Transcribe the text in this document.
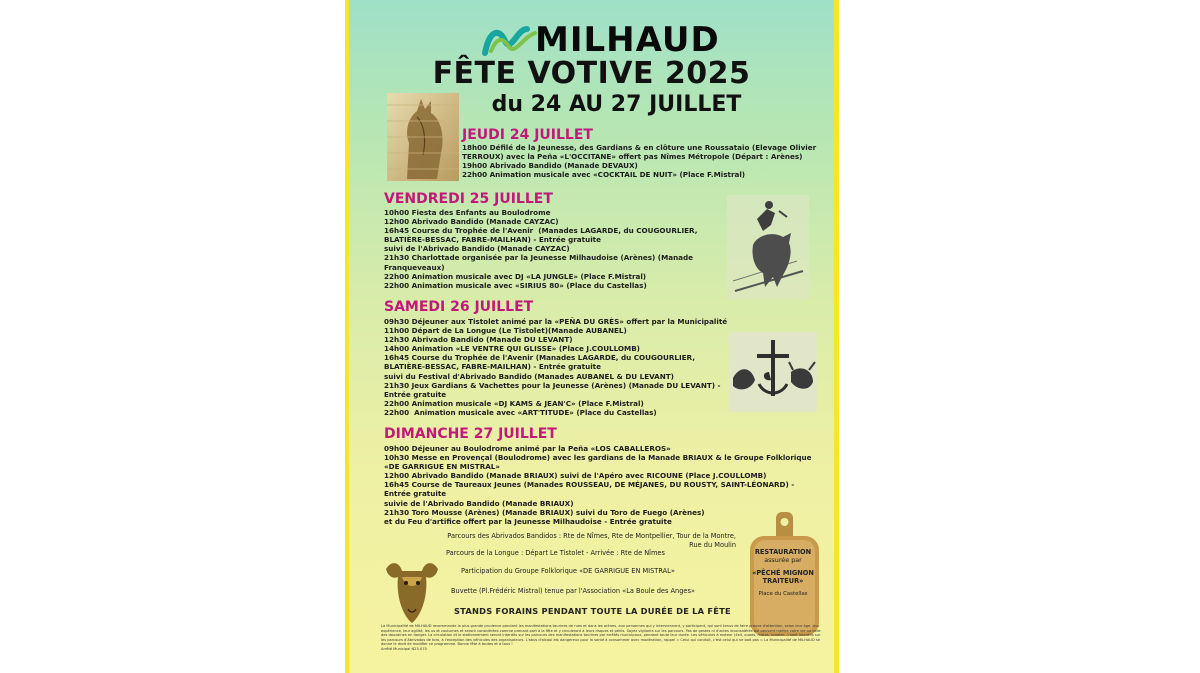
MILHAUD
FÊTE VOTIVE 2025
du 24 AU 27 JUILLET
JEUDI 24 JUILLET
18h00 Défilé de la Jeunesse, des Gardians & en clôture une Roussataio (Elevage Olivier
TERROUX) avec la Peña «L'OCCITANE» offert pas Nîmes Métropole (Départ : Arènes)
19h00 Abrivado Bandido (Manade DEVAUX)
22h00 Animation musicale avec «COCKTAIL DE NUIT» (Place F.Mistral)
VENDREDI 25 JUILLET
10h00 Fiesta des Enfants au Boulodrome
12h00 Abrivado Bandido (Manade CAYZAC)
16h45 Course du Trophée de l'Avenir  (Manades LAGARDE, du COUGOURLIER,
BLATIÈRE-BESSAC, FABRE-MAILHAN) - Entrée gratuite
suivi de l'Abrivado Bandido (Manade CAYZAC)
21h30 Charlottade organisée par la Jeunesse Milhaudoise (Arènes) (Manade
Franqueveaux)
22h00 Animation musicale avec DJ «LA JUNGLE» (Place F.Mistral)
22h00 Animation musicale avec «SIRIUS 80» (Place du Castellas)
SAMEDI 26 JUILLET
09h30 Déjeuner aux Tistolet animé par la «PEÑA DU GRÈS» offert par la Municipalité
11h00 Départ de La Longue (Le Tistolet)(Manade AUBANEL)
12h30 Abrivado Bandido (Manade DU LEVANT)
14h00 Animation «LE VENTRE QUI GLISSE» (Place J.COULLOMB)
16h45 Course du Trophée de l'Avenir (Manades LAGARDE, du COUGOURLIER,
BLATIÈRE-BESSAC, FABRE-MAILHAN) - Entrée gratuite
suivi du Festival d'Abrivado Bandido (Manades AUBANEL & DU LEVANT)
21h30 Jeux Gardians & Vachettes pour la Jeunesse (Arènes) (Manade DU LEVANT) -
Entrée gratuite
22h00 Animation musicale «DJ KAMS & JEAN'C» (Place F.Mistral)
22h00  Animation musicale avec «ART'TITUDE» (Place du Castellas)
DIMANCHE 27 JUILLET
09h00 Déjeuner au Boulodrome animé par la Peña «LOS CABALLEROS»
10h30 Messe en Provençal (Boulodrome) avec les gardians de la Manade BRIAUX & le Groupe Folklorique
«DE GARRIGUE EN MISTRAL»
12h00 Abrivado Bandido (Manade BRIAUX) suivi de l'Apéro avec RICOUNE (Place J.COULLOMB)
16h45 Course de Taureaux Jeunes (Manades ROUSSEAU, DE MÉJANES, DU ROUSTY, SAINT-LÉONARD) -
Entrée gratuite
suivie de l'Abrivado Bandido (Manade BRIAUX)
21h30 Toro Mousse (Arènes) (Manade BRIAUX) suivi du Toro de Fuego (Arènes)
et du Feu d'artifice offert par la Jeunesse Milhaudoise - Entrée gratuite
Parcours des Abrivados Bandidos : Rte de Nîmes, Rte de Montpellier, Tour de la Montre,
Rue du Moulin
Parcours de la Longue : Départ Le Tistolet - Arrivée : Rte de Nîmes
Participation du Groupe Folklorique «DE GARRIGUE EN MISTRAL»
Buvette (Pl.Frédéric Mistral) tenue par l'Association «La Boule des Anges»
STANDS FORAINS PENDANT TOUTE LA DURÉE DE LA FÊTE
RESTAURATION
assurée par
«PÊCHÉ MIGNON TRAITEUR»
Place du Castellas
La Municipalité de MILHAUD recommande la plus grande prudence pendant les manifestations taurines de rues et dans les arènes, aux personnes qui y interviennent, y participent, qui sont tenus de faire preuve d'attention, selon leur âge, leur expérience, leur agilité, les us et coutumes et seront considérées comme prenant part à la fête et y circuleront à leurs risques et périls. Soyez vigilants sur les parcours. Pas de gestes ni d'actes inconsidérés qui peuvent mettre votre vie ou celle des douzaines en danger. La circulation et le stationnement seront interdits sur les parcours des manifestations taurines par arrêtés municipaux, pendant toute leur durée. Les véhicules à moteur (4x4, quads, motos, scooter...) sont interdits sur les parcours d'Abrivados de toro, à l'exception des véhicules des organisateurs. L'abus d'alcool est dangereux pour la santé à consommer avec modération, rappel = Celui qui conduit, c'est celui qui ne boit pas = La Municipalité de MILHAUD se donne le droit de modifier ce programme. Bonne fête à toutes et à tous !
Arrêté Municipal N25-070
